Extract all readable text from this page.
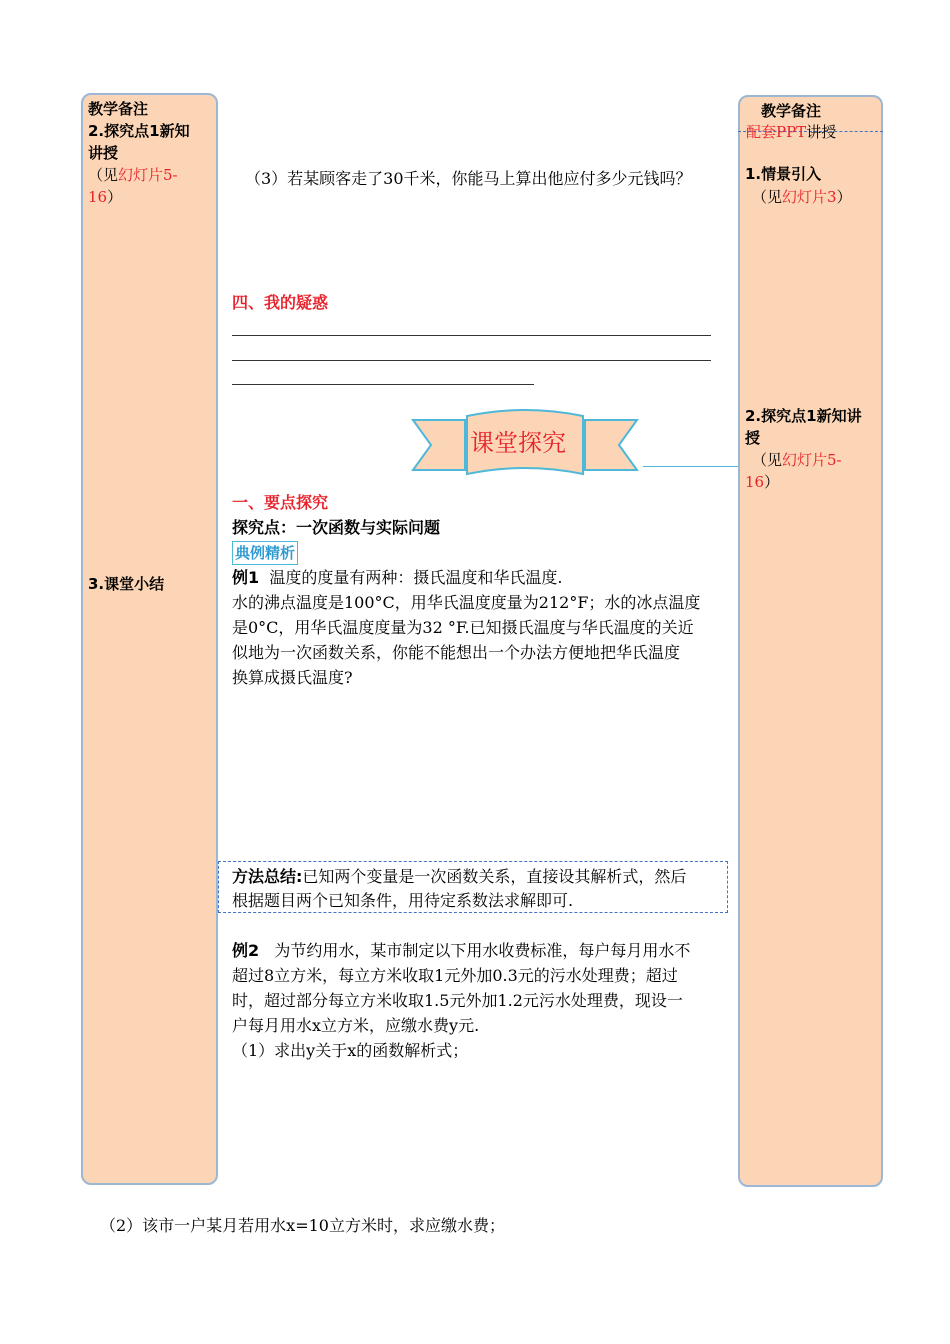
教学备注
2.探究点1新知
讲授
（见幻灯片5-
16）
3.课堂小结
教学备注
配套PPT讲授
1.情景引入
（见幻灯片3）
2.探究点1新知讲
授
（见幻灯片5-
16）
（3）若某顾客走了30千米，你能马上算出他应付多少元钱吗？
四、我的疑惑
课堂探究
一、要点探究
探究点：一次函数与实际问题
典例精析
例1 温度的度量有两种：摄氏温度和华氏温度.
水的沸点温度是100°C，用华氏温度度量为212°F；水的冰点温度
是0°C，用华氏温度度量为32 °F.已知摄氏温度与华氏温度的关近
似地为一次函数关系，你能不能想出一个办法方便地把华氏温度
换算成摄氏温度?
方法总结:已知两个变量是一次函数关系，直接设其解析式，然后
根据题目两个已知条件，用待定系数法求解即可.
例2 为节约用水，某市制定以下用水收费标准，每户每月用水不
超过8立方米，每立方米收取1元外加0.3元的污水处理费；超过
时，超过部分每立方米收取1.5元外加1.2元污水处理费，现设一
户每月用水x立方米，应缴水费y元.
（1）求出y关于x的函数解析式；
（2）该市一户某月若用水x=10立方米时，求应缴水费；
